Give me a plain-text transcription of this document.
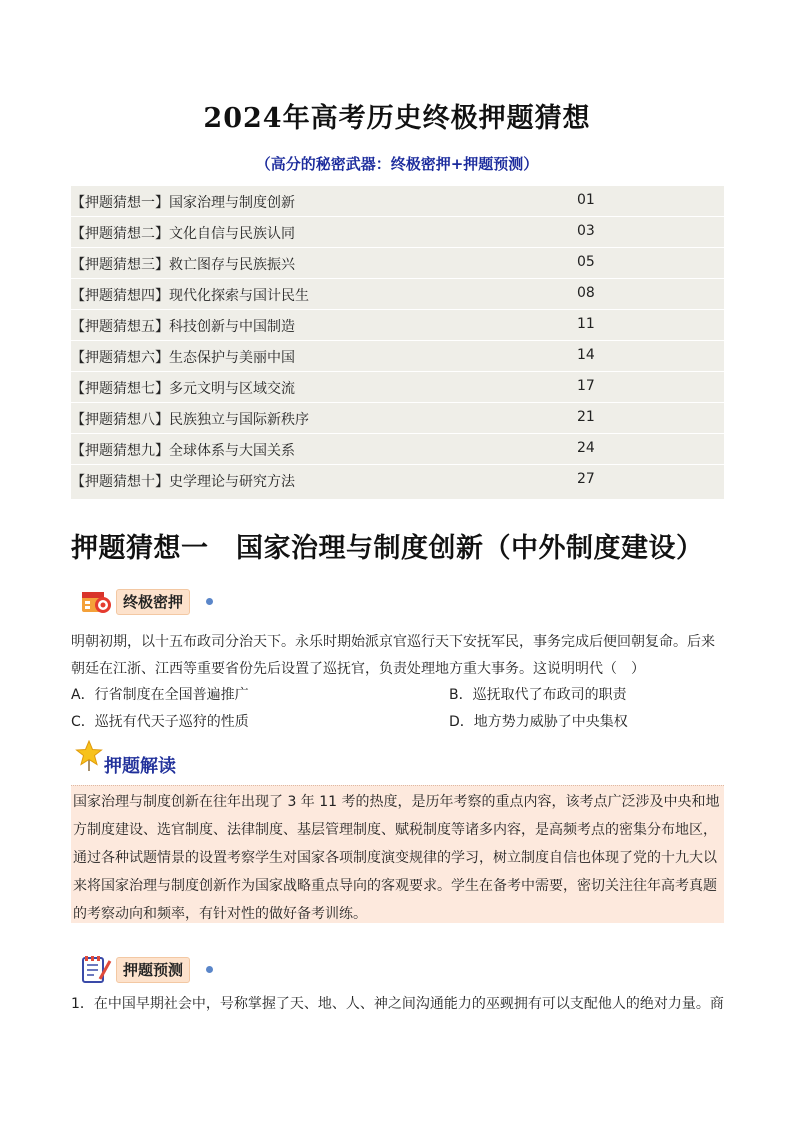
2024年高考历史终极押题猜想
（高分的秘密武器：终极密押+押题预测）
【押题猜想一】国家治理与制度创新	01
【押题猜想二】文化自信与民族认同	03
【押题猜想三】救亡图存与民族振兴	05
【押题猜想四】现代化探索与国计民生	08
【押题猜想五】科技创新与中国制造	11
【押题猜想六】生态保护与美丽中国	14
【押题猜想七】多元文明与区域交流	17
【押题猜想八】民族独立与国际新秩序	21
【押题猜想九】全球体系与大国关系	24
【押题猜想十】史学理论与研究方法	27
押题猜想一　国家治理与制度创新（中外制度建设）
终极密押
明朝初期，以十五布政司分治天下。永乐时期始派京官巡行天下安抚军民，事务完成后便回朝复命。后来朝廷在江浙、江西等重要省份先后设置了巡抚官，负责处理地方重大事务。这说明明代（　）
A．行省制度在全国普遍推广	B．巡抚取代了布政司的职责
C．巡抚有代天子巡狩的性质	D．地方势力威胁了中央集权
押题解读
国家治理与制度创新在往年出现了 3 年 11 考的热度，是历年考察的重点内容，该考点广泛涉及中央和地方制度建设、选官制度、法律制度、基层管理制度、赋税制度等诸多内容，是高频考点的密集分布地区，通过各种试题情景的设置考察学生对国家各项制度演变规律的学习，树立制度自信也体现了党的十九大以来将国家治理与制度创新作为国家战略重点导向的客观要求。学生在备考中需要，密切关注往年高考真题的考察动向和频率，有针对性的做好备考训练。
押题预测
1．在中国早期社会中，号称掌握了天、地、人、神之间沟通能力的巫觋拥有可以支配他人的绝对力量。商
